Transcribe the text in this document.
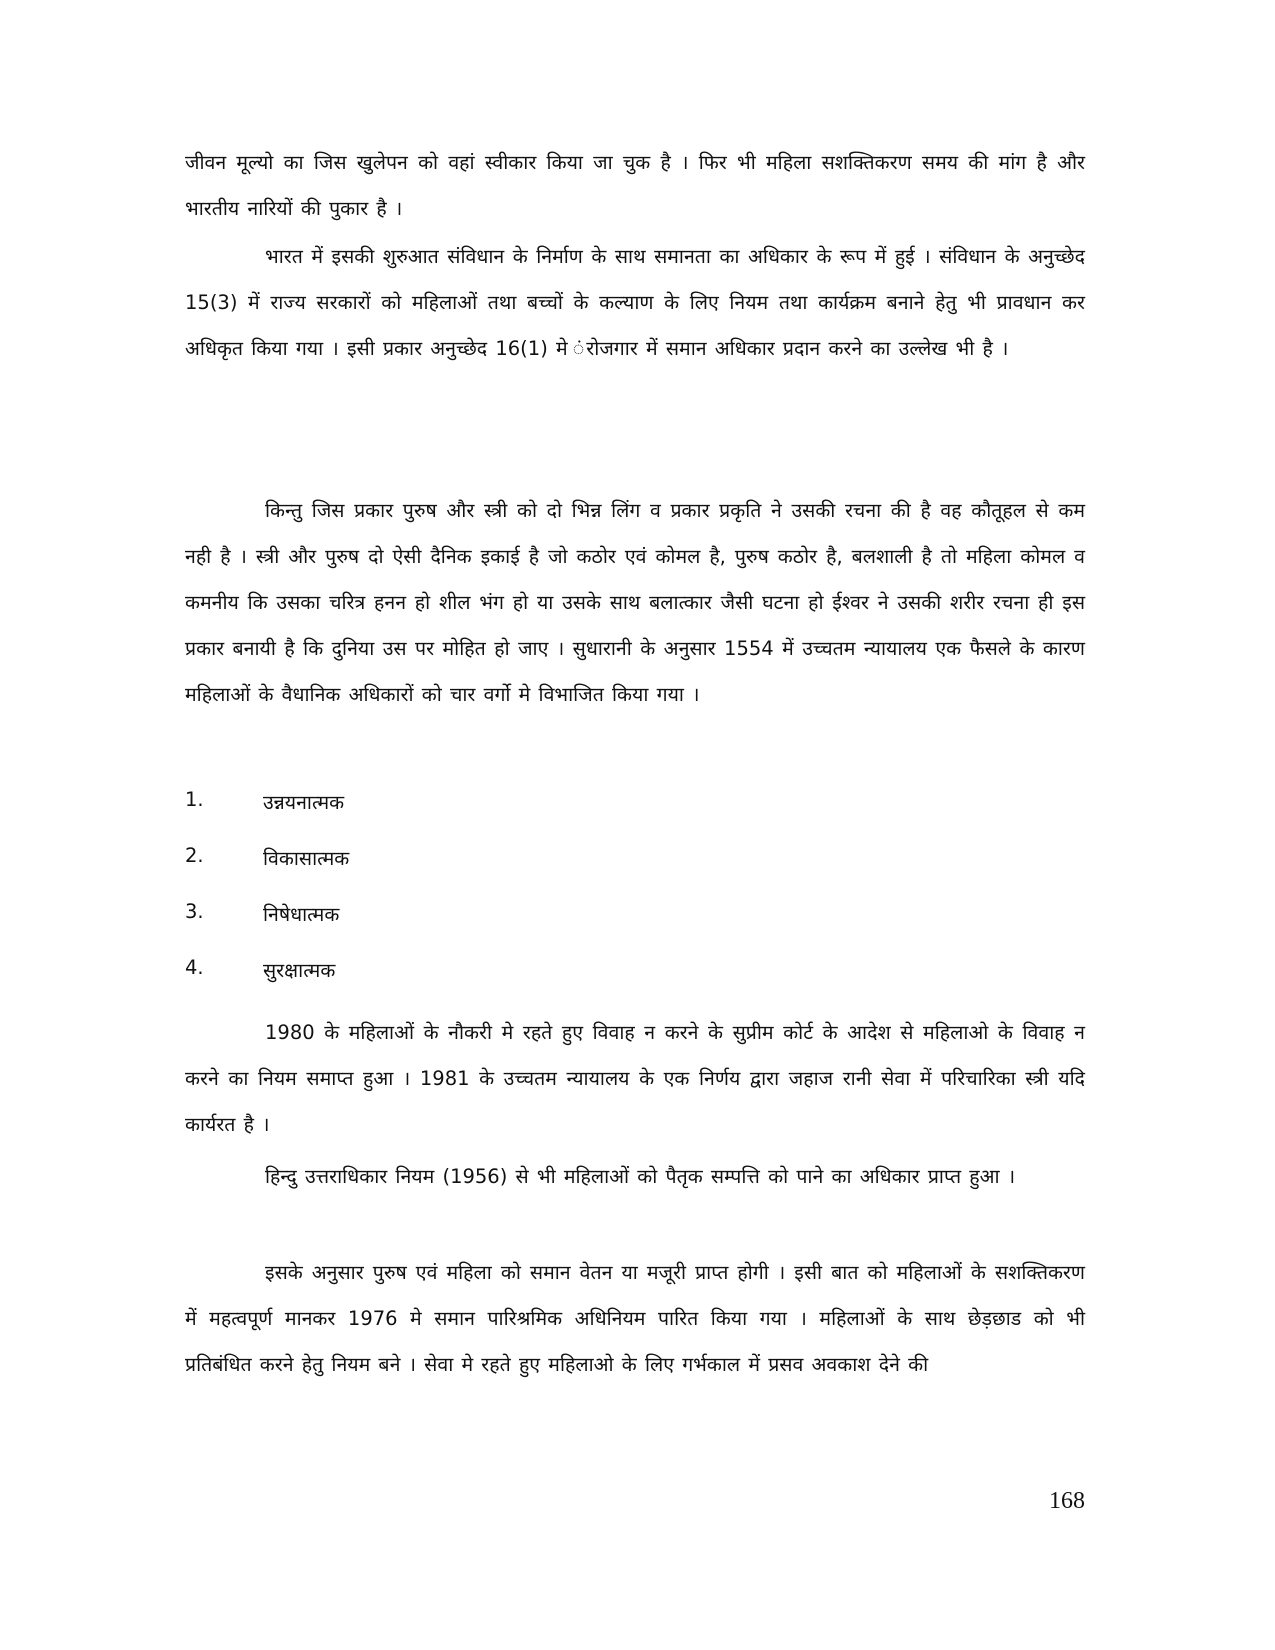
जीवन मूल्यो का जिस खुलेपन को वहां स्वीकार किया जा चुक है । फिर भी महिला सशक्तिकरण समय की मांग है और भारतीय नारियों की पुकार है ।

भारत में इसकी शुरुआत संविधान के निर्माण के साथ समानता का अधिकार के रूप में हुई । संविधान के अनुच्छेद 15(3) में राज्य सरकारों को महिलाओं तथा बच्चों के कल्याण के लिए नियम तथा कार्यक्रम बनाने हेतु भी प्रावधान कर अधिकृत किया गया । इसी प्रकार अनुच्छेद 16(1) मे ंरोजगार में समान अधिकार प्रदान करने का उल्लेख भी है ।

किन्तु जिस प्रकार पुरुष और स्त्री को दो भिन्न लिंग व प्रकार प्रकृति ने उसकी रचना की है वह कौतूहल से कम नही है । स्त्री और पुरुष दो ऐसी दैनिक इकाई है जो कठोर एवं कोमल है, पुरुष कठोर है, बलशाली है तो महिला कोमल व कमनीय कि उसका चरित्र हनन हो शील भंग हो या उसके साथ बलात्कार जैसी घटना हो ईश्वर ने उसकी शरीर रचना ही इस प्रकार बनायी है कि दुनिया उस पर मोहित हो जाए । सुधारानी के अनुसार 1554 में उच्चतम न्यायालय एक फैसले के कारण महिलाओं के वैधानिक अधिकारों को चार वर्गो मे विभाजित किया गया ।

1.	उन्नयनात्मक
2.	विकासात्मक
3.	निषेधात्मक
4.	सुरक्षात्मक

1980 के महिलाओं के नौकरी मे रहते हुए विवाह न करने के सुप्रीम कोर्ट के आदेश से महिलाओ के विवाह न करने का नियम समाप्त हुआ । 1981 के उच्चतम न्यायालय के एक निर्णय द्वारा जहाज रानी सेवा में परिचारिका स्त्री यदि कार्यरत है ।

हिन्दु उत्तराधिकार नियम (1956) से भी महिलाओं को पैतृक सम्पत्ति को पाने का अधिकार प्राप्त हुआ ।

इसके अनुसार पुरुष एवं महिला को समान वेतन या मजूरी प्राप्त होगी । इसी बात को महिलाओं के सशक्तिकरण में महत्वपूर्ण मानकर 1976 मे समान पारिश्रमिक अधिनियम पारित किया गया । महिलाओं के साथ छेड़छाड को भी प्रतिबंधित करने हेतु नियम बने । सेवा मे रहते हुए महिलाओ के लिए गर्भकाल में प्रसव अवकाश देने की

168
